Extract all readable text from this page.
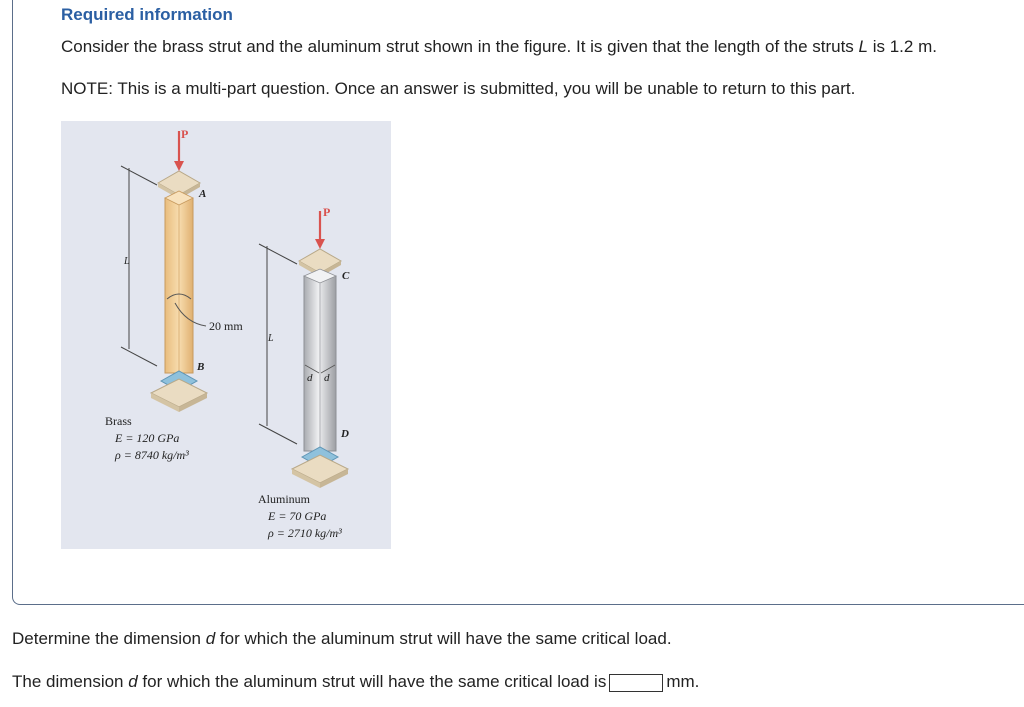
Required information
Consider the brass strut and the aluminum strut shown in the figure. It is given that the length of the struts L is 1.2 m.
NOTE: This is a multi-part question. Once an answer is submitted, you will be unable to return to this part.
P
A
L
20 mm
B
Brass
E = 120 GPa
ρ = 8740 kg/m³
P
C
L
d d
D
Aluminum
E = 70 GPa
ρ = 2710 kg/m³
Determine the dimension d for which the aluminum strut will have the same critical load.
The dimension d for which the aluminum strut will have the same critical load is	mm.
